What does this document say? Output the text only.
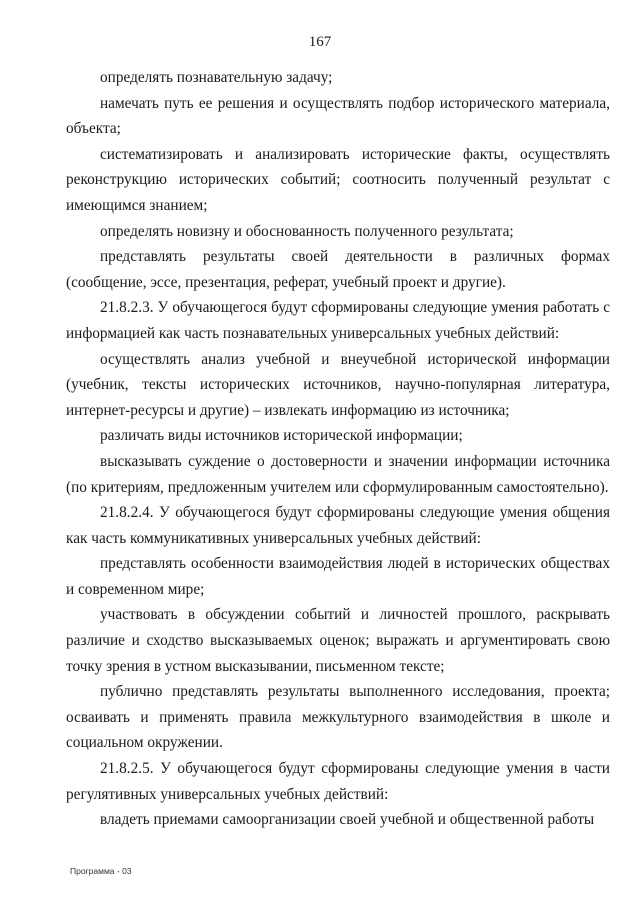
167

определять познавательную задачу;

намечать путь ее решения и осуществлять подбор исторического материала, объекта;

систематизировать и анализировать исторические факты, осуществлять реконструкцию исторических событий; соотносить полученный результат с имеющимся знанием;

определять новизну и обоснованность полученного результата;

представлять результаты своей деятельности в различных формах (сообщение, эссе, презентация, реферат, учебный проект и другие).

21.8.2.3. У обучающегося будут сформированы следующие умения работать с информацией как часть познавательных универсальных учебных действий:

осуществлять анализ учебной и внеучебной исторической информации (учебник, тексты исторических источников, научно-популярная литература, интернет-ресурсы и другие) – извлекать информацию из источника;

различать виды источников исторической информации;

высказывать суждение о достоверности и значении информации источника (по критериям, предложенным учителем или сформулированным самостоятельно).

21.8.2.4. У обучающегося будут сформированы следующие умения общения как часть коммуникативных универсальных учебных действий:

представлять особенности взаимодействия людей в исторических обществах и современном мире;

участвовать в обсуждении событий и личностей прошлого, раскрывать различие и сходство высказываемых оценок; выражать и аргументировать свою точку зрения в устном высказывании, письменном тексте;

публично представлять результаты выполненного исследования, проекта; осваивать и применять правила межкультурного взаимодействия в школе и социальном окружении.

21.8.2.5. У обучающегося будут сформированы следующие умения в части регулятивных универсальных учебных действий:

владеть приемами самоорганизации своей учебной и общественной работы

Программа - 03
